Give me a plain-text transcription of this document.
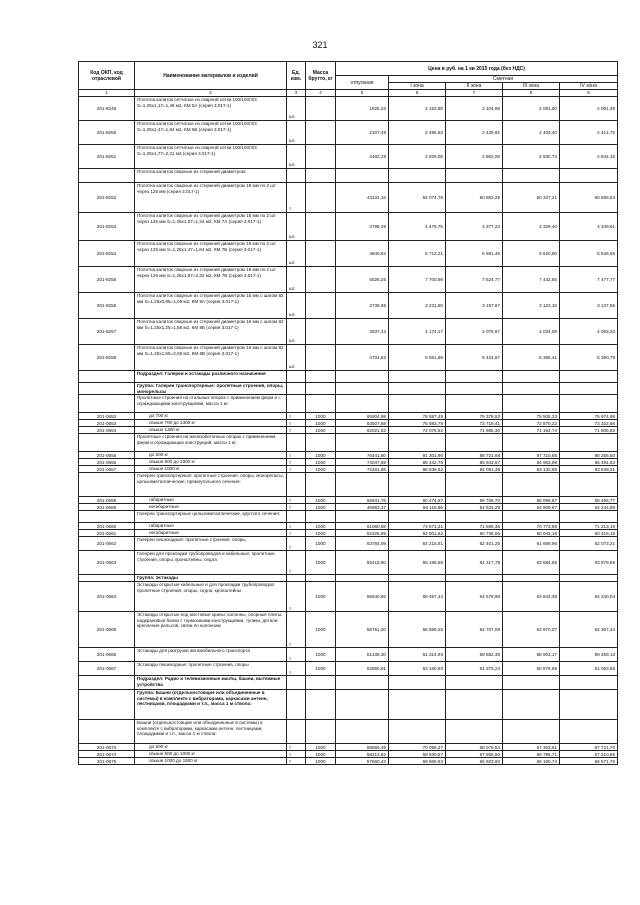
321
Код ОКП, код отраслевой	Наименование материалов и изделий	Ед. изм.	Масса брутто, кг	Цена в руб. на 1 кв 2015 года (без НДС)				
				отпускная	Сметная			
					I зона	II зона	III зона	IV зона
1	2	3	4	5	6	7	8	9
201-8249	Полотна калиток сетчатые из сварной сетки 100/100/3/3 S=1,25х1,17=1,46 м2, КМ 5А (серия 3.017-1)	шт.		1825,33	2 153,90	2 104,59	2 081,60	2 091,48
201-8250	Полотна калиток сетчатые из сварной сетки 100/100/3/3 S=1,25х1,47=1,84 м2, КМ 6Б (серия 3.017-1)	шт.		2107,49	2 486,83	2 429,92	2 403,40	2 414,75
201-8251	Полотна калиток сетчатые из сварной сетки 100/100/3/3 S=1,25х1,77=2,21 м2 (серия 3.017-1)	шт.		2482,29	2 929,05	2 862,05	2 830,74	2 844,15
	Полотна калиток сварные из стержней диаметром:							
201-8252	Полотна калиток сварные из стержней диаметром 18 мм по 2 шт через 125 мм (серия 3.017-1)	т		44131,16	52 074,76	50 883,25	50 327,21	50 565,53
201-8253	Полотна калиток сварные из стержней диаметром 18 мм по 2 шт через 125 мм S=1,25х1,07=1,34 м2, КМ 7А (серия 3.017-1)	шт.		3796,39	4 479,75	4 377,23	4 329,40	4 349,91
201-8254	Полотна калиток сварные из стержней диаметром 18 мм по 2 шт через 125 мм S=1,25х1,47=1,84 м2, КМ 7Б (серия 3.017-1)	шт.		4840,84	5 712,21	5 581,49	5 520,50	5 546,65
201-8255	Полотна калиток сварные из стержней диаметром 18 мм по 2 шт через 125 мм S=1,25х1,87=2,34 м2, КМ 7В (серия 3.017-1)	шт.		6526,25	7 700,98	7 524,77	7 442,55	7 477,77
201-8256	Полотна калиток сварные из стержней диаметром 16 мм с шагом 82 мм S=1,25х0,85=1,06 м2, КМ 8А (серия 3.017-1)	шт.		2738,65	3 231,60	3 157,67	3 123,16	3 137,95
201-8257	Полотна калиток сварные из стержней диаметром 16 мм с шагом 82 мм S=1,25х1,25=1,56 м2, КМ 8Б (серия 3.017-1)	шт.		3537,43	4 174,17	4 078,67	4 034,08	4 053,20
201-8258	Полотна калиток сварные из стержней диаметром 16 мм с шагом 82 мм S=1,25х1,65=2,06 м2, КМ 8В (серия 3.017-1)	шт.		4704,83	5 551,69	5 424,67	5 365,41	5 390,79
	Подраздел: Галереи и эстакады различного назначения							
	Группа: Галереи транспортерные: пролетные строения, опоры, монорельсы							
	Пролетные строения на стальных опорах с применением ферм и с ограждающими конструкциями, масса 1 м:							
201-0652	до 700 кг	т	1000	65904,98	78 587,45	76 378,53	75 505,33	75 974,98
201-0653	свыше 700 до 1300 кг	т	1000	63507,68	75 883,78	73 719,41	72 870,22	73 322,86
201-0654	свыше 1300 кг	т	1000	62021,52	74 078,52	71 985,30	71 164,74	71 606,83
	Пролетные строения на железобетонных опорах с применением ферм и ограждающих конструкций, масса 1 м:							
201-0655	до 500 кг	т	1000	76441,60	91 301,90	88 721,68	87 710,85	88 255,50
201-0656	свыше 500 до 1000 кг	т	1000	74047,89	88 442,78	85 943,57	84 963,98	85 491,83
201-0657	свыше 1000 кг	т	1000	72461,98	86 536,62	84 091,38	83 132,85	83 649,31
	Галереи транспортерные: пролетные строения, опоры, монорельсы, цельнометаллические, прямоугольного сечения:							
201-0658	габаритные	т	1000	56631,76	60 474,57	58 765,70	58 095,67	58 455,77
201-0659	негабаритные	т	1000	46983,37	56 118,86	54 533,29	53 909,67	54 244,89
	Галереи транспортерные цельнометаллические, круглого сечения:							
201-0660	габаритные	т	1000	61080,58	73 671,31	71 589,36	70 773,55	71 213,19
201-0661	негабаритные	т	1000	52329,89	62 501,62	60 735,55	60 043,18	60 416,18
201-0662	Галереи пешеходные: пролетные строения, опоры	т	1000	53784,09	64 215,81	62 401,25	61 689,96	62 073,21
201-0663	Галереи для прокладки трубопроводов и кабельные: пролетные строения, опоры, кронштейны, седла	т	1000	55415,90	66 188,65	64 317,78	63 584,66	63 979,68
	Группа: Эстакады							
201-0664	Эстакады открытые кабельные и для прокладки трубопроводов: пролетные строения, опоры, седла, кронштейны	т	1000	55640,65	66 457,44	64 578,98	63 843,36	64 240,04
201-0665	Эстакады открытые под мостовые краны: колонны, опорные плиты, надкрановые балки с тормозными конструкциями, тупики, детали крепления рельсов, связи по колоннам	т	1000	55751,20	66 589,25	64 707,09	63 970,07	64 367,44
201-0666	Эстакады для разгрузки автомобильного транспорта	т	1000	51335,30	61 314,93	59 582,38	58 903,17	59 269,13
201-0667	Эстакады пешеходные: пролетные строения, опоры	т	1000	52880,91	63 160,93	61 376,24	60 676,59	61 053,56
	Подраздел: Радио и телевизионные мачты, башни, вытяжные устройства							
	Группа: Башни (отдельностоящие или объединенные в системы) в комплекте с вибраторами, каркасами антенн, лестницами, площадками и т.п., масса 1 м ствола:							
	Башни (отдельностоящие или объединенные в системы) в комплекте с вибраторами, каркасами антенн, лестницами, площадками и т.п., масса 1 м ствола:							
201-0673	до 500 кг	т	1000	58856,49	70 056,27	68 079,64	67 303,61	67 721,70
201-0674	свыше 500 до 1000 кг	т	1000	58213,82	69 530,57	67 565,50	66 795,71	67 210,65
201-0675	свыше 1000 до 1500 кг	т	1000	57660,43	68 869,63	66 923,60	66 160,74	66 571,76
